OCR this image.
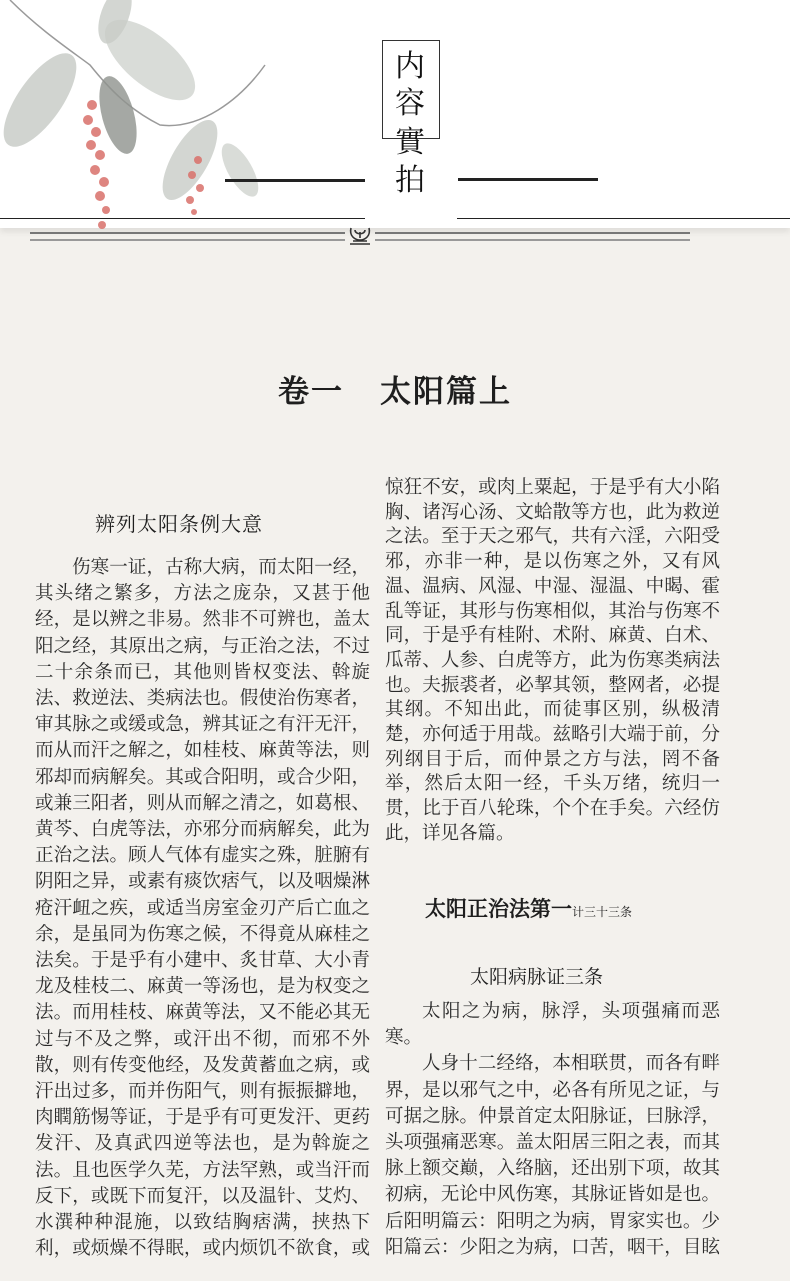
内
容
實
拍
卷一 太阳篇上
辨列太阳条例大意
伤寒一证，古称大病，而太阳一经，
其头绪之繁多，方法之庞杂，又甚于他
经，是以辨之非易。然非不可辨也，盖太
阳之经，其原出之病，与正治之法，不过
二十余条而已，其他则皆权变法、斡旋
法、救逆法、类病法也。假使治伤寒者，
审其脉之或缓或急，辨其证之有汗无汗，
而从而汗之解之，如桂枝、麻黄等法，则
邪却而病解矣。其或合阳明，或合少阳，
或兼三阳者，则从而解之清之，如葛根、
黄芩、白虎等法，亦邪分而病解矣，此为
正治之法。顾人气体有虚实之殊，脏腑有
阴阳之异，或素有痰饮痞气，以及咽燥淋
疮汗衄之疾，或适当房室金刃产后亡血之
余，是虽同为伤寒之候，不得竟从麻桂之
法矣。于是乎有小建中、炙甘草、大小青
龙及桂枝二、麻黄一等汤也，是为权变之
法。而用桂枝、麻黄等法，又不能必其无
过与不及之弊，或汗出不彻，而邪不外
散，则有传变他经，及发黄蓄血之病，或
汗出过多，而并伤阳气，则有振振擗地，
肉瞤筋惕等证，于是乎有可更发汗、更药
发汗、及真武四逆等法也，是为斡旋之
法。且也医学久芜，方法罕熟，或当汗而
反下，或既下而复汗，以及温针、艾灼、
水潠种种混施，以致结胸痞满，挟热下
利，或烦燥不得眠，或内烦饥不欲食，或
惊狂不安，或肉上粟起，于是乎有大小陷
胸、诸泻心汤、文蛤散等方也，此为救逆
之法。至于天之邪气，共有六淫，六阳受
邪，亦非一种，是以伤寒之外，又有风
温、温病、风湿、中湿、湿温、中暍、霍
乱等证，其形与伤寒相似，其治与伤寒不
同，于是乎有桂附、术附、麻黄、白术、
瓜蒂、人参、白虎等方，此为伤寒类病法
也。夫振裘者，必挈其领，整网者，必提
其纲。不知出此，而徒事区别，纵极清
楚，亦何适于用哉。兹略引大端于前，分
列纲目于后，而仲景之方与法，罔不备
举，然后太阳一经，千头万绪，统归一
贯，比于百八轮珠，个个在手矣。六经仿
此，详见各篇。
太阳正治法第一计三十三条
太阳病脉证三条
太阳之为病，脉浮，头项强痛而恶
寒。
人身十二经络，本相联贯，而各有畔
界，是以邪气之中，必各有所见之证，与
可据之脉。仲景首定太阳脉证，曰脉浮，
头项强痛恶寒。盖太阳居三阳之表，而其
脉上额交巅，入络脑，还出别下项，故其
初病，无论中风伤寒，其脉证皆如是也。
后阳明篇云：阳明之为病，胃家实也。少
阳篇云：少阳之为病，口苦，咽干，目眩
